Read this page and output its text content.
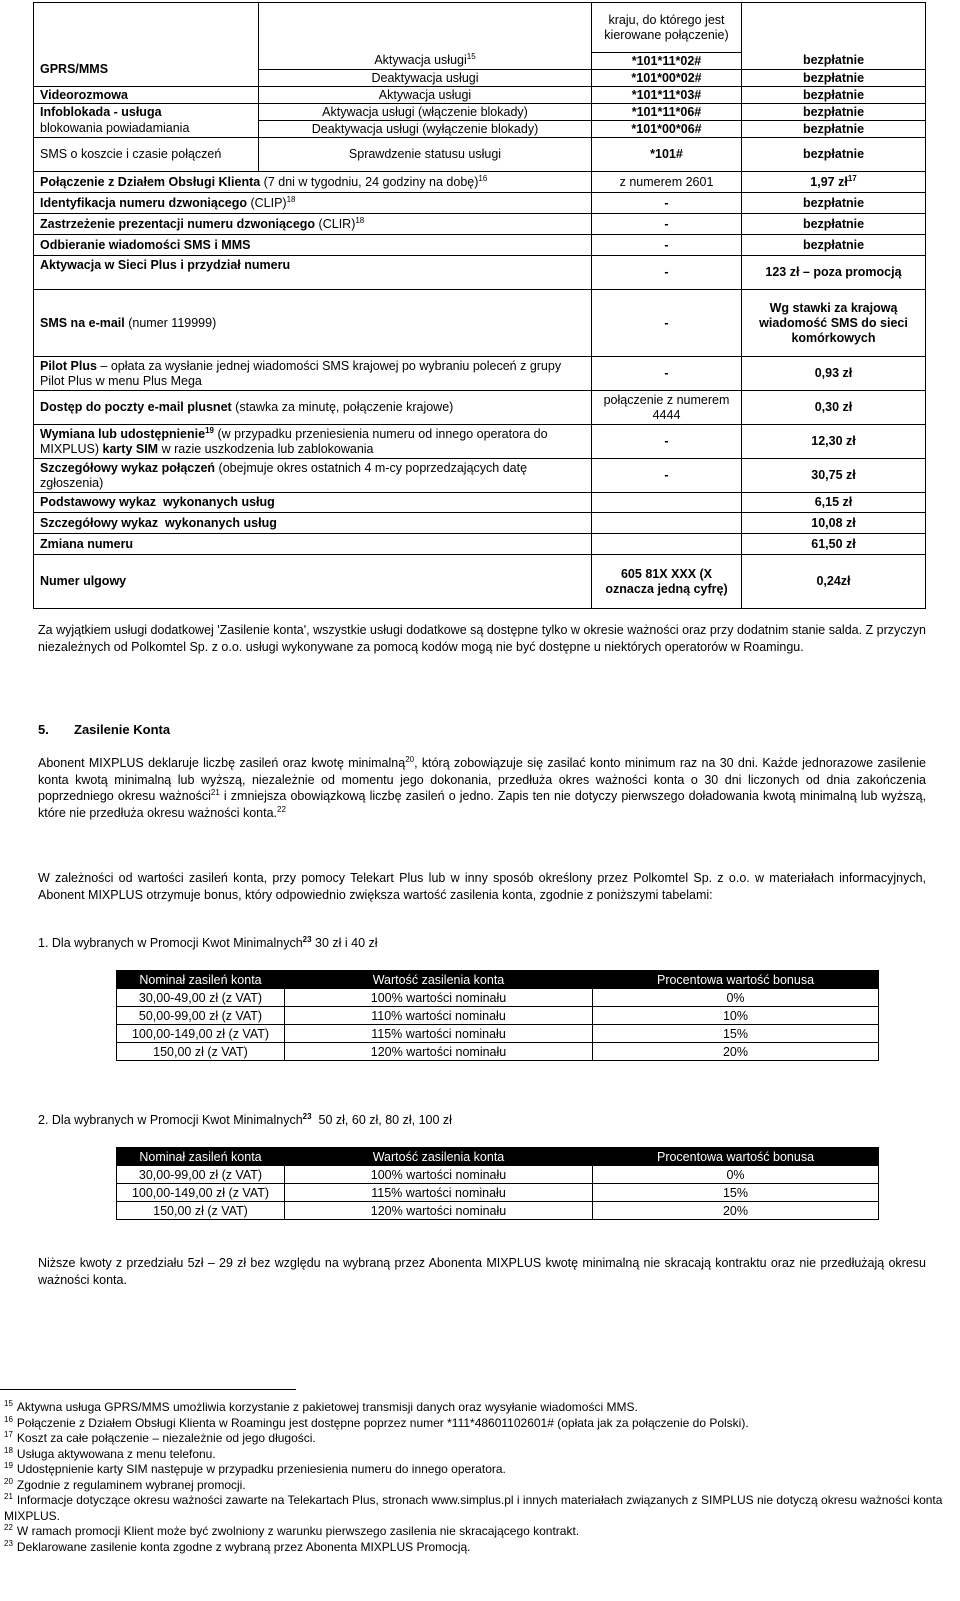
		kraju, do którego jest kierowane połączenie)	
GPRS/MMS	Aktywacja usługi$^{15}$	*101*11*02#	bezpłatnie
	Deaktywacja usługi	*101*00*02#	bezpłatnie
Videorozmowa	Aktywacja usługi	*101*11*03#	bezpłatnie
Infoblokada - usługa	Aktywacja usługi (włączenie blokady)	*101*11*06#	bezpłatnie
blokowania powiadamiania	Deaktywacja usługi (wyłączenie blokady)	*101*00*06#	bezpłatnie
SMS o koszcie i czasie połączeń	Sprawdzenie statusu usługi	*101#	bezpłatnie
Połączenie z Działem Obsługi Klienta (7 dni w tygodniu, 24 godziny na dobę)$^{16}$		z numerem 2601	1,97 $zł^{17}$
Identyfikacja numeru dzwoniącego (CLIP)$^{18}$		-	bezpłatnie
Zastrzeżenie prezentacji numeru dzwoniącego (CLIR)$^{18}$		-	bezpłatnie
Odbieranie wiadomości SMS i MMS		-	bezpłatnie
Aktywacja w Sieci Plus i przydział numeru		-	123 zł – poza promocją
SMS na e-mail (numer 119999)		-	Wg stawki za krajową wiadomość SMS do sieci komórkowych
Pilot Plus – opłata za wysłanie jednej wiadomości SMS krajowej po wybraniu poleceń z grupy Pilot Plus w menu Plus Mega		-	0,93 zł
Dostęp do poczty e-mail plusnet (stawka za minutę, połączenie krajowe)		połączenie z numerem 4444	0,30 zł
Wymiana lub udostępnienie$^{19}$ (w przypadku przeniesienia numeru od innego operatora do MIXPLUS) karty SIM w razie uszkodzenia lub zablokowania		-	12,30 zł
Szczegółowy wykaz połączeń (obejmuje okres ostatnich 4 m-cy poprzedzających datę zgłoszenia)		-	30,75 zł
Podstawowy wykaz  wykonanych usług			6,15 zł
Szczegółowy wykaz  wykonanych usług			10,08 zł
Zmiana numeru			61,50 zł
Numer ulgowy		605 81X XXX (X oznacza jedną cyfrę)	0,24zł
Za wyjątkiem usługi dodatkowej 'Zasilenie konta', wszystkie usługi dodatkowe są dostępne tylko w okresie ważności oraz przy dodatnim stanie salda. Z przyczyn niezależnych od Polkomtel Sp. z o.o. usługi wykonywane za pomocą kodów mogą nie być dostępne u niektórych operatorów w Roamingu.
5. Zasilenie Konta
Abonent MIXPLUS deklaruje liczbę zasileń oraz kwotę minimalną$^{20}$, którą zobowiązuje się zasilać konto minimum raz na 30 dni. Każde jednorazowe zasilenie konta kwotą minimalną lub wyższą, niezależnie od momentu jego dokonania, przedłuża okres ważności konta o 30 dni liczonych od dnia zakończenia poprzedniego okresu ważności$^{21}$ i zmniejsza obowiązkową liczbę zasileń o jedno. Zapis ten nie dotyczy pierwszego doładowania kwotą minimalną lub wyższą, które nie przedłuża okresu ważności konta.$^{22}$
W zależności od wartości zasileń konta, przy pomocy Telekart Plus lub w inny sposób określony przez Polkomtel Sp. z o.o. w materiałach informacyjnych, Abonent MIXPLUS otrzymuje bonus, który odpowiednio zwiększa wartość zasilenia konta, zgodnie z poniższymi tabelami:
1. Dla wybranych w Promocji Kwot Minimalnych$^{23}$ 30 zł i 40 zł
Nominał zasileń konta	Wartość zasilenia konta	Procentowa wartość bonusa
30,00-49,00 zł (z VAT)	100% wartości nominału	0%
50,00-99,00 zł (z VAT)	110% wartości nominału	10%
100,00-149,00 zł (z VAT)	115% wartości nominału	15%
150,00 zł (z VAT)	120% wartości nominału	20%
2. Dla wybranych w Promocji Kwot Minimalnych$^{23}$  50 zł, 60 zł, 80 zł, 100 zł
Nominał zasileń konta	Wartość zasilenia konta	Procentowa wartość bonusa
30,00-99,00 zł (z VAT)	100% wartości nominału	0%
100,00-149,00 zł (z VAT)	115% wartości nominału	15%
150,00 zł (z VAT)	120% wartości nominału	20%
Niższe kwoty z przedziału 5zł – 29 zł bez względu na wybraną przez Abonenta MIXPLUS kwotę minimalną nie skracają kontraktu oraz nie przedłużają okresu ważności konta.
$^{15}$ Aktywna usługa GPRS/MMS umożliwia korzystanie z pakietowej transmisji danych oraz wysyłanie wiadomości MMS.
$^{16}$ Połączenie z Działem Obsługi Klienta w Roamingu jest dostępne poprzez numer *111*48601102601# (opłata jak za połączenie do Polski).
$^{17}$ Koszt za całe połączenie – niezależnie od jego długości.
$^{18}$ Usługa aktywowana z menu telefonu.
$^{19}$ Udostępnienie karty SIM następuje w przypadku przeniesienia numeru do innego operatora.
$^{20}$ Zgodnie z regulaminem wybranej promocji.
$^{21}$ Informacje dotyczące okresu ważności zawarte na Telekartach Plus, stronach www.simplus.pl i innych materiałach związanych z SIMPLUS nie dotyczą okresu ważności konta MIXPLUS.
$^{22}$ W ramach promocji Klient może być zwolniony z warunku pierwszego zasilenia nie skracającego kontrakt.
$^{23}$ Deklarowane zasilenie konta zgodne z wybraną przez Abonenta MIXPLUS Promocją.
